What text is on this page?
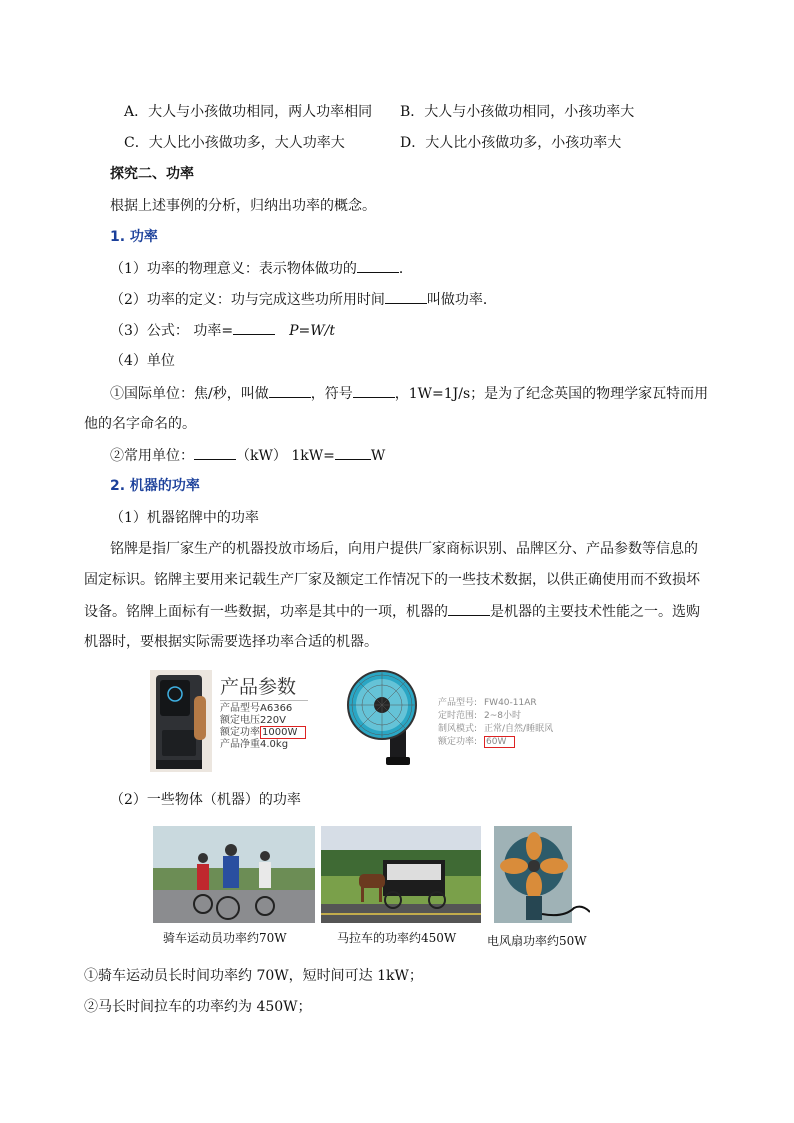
A．大人与小孩做功相同，两人功率相同 B．大人与小孩做功相同，小孩功率大
C．大人比小孩做功多，大人功率大	D．大人比小孩做功多，小孩功率大
探究二、功率
根据上述事例的分析，归纳出功率的概念。
1. 功率
（1）功率的物理意义：表示物体做功的	．
（2）功率的定义：功与完成这些功所用时间	叫做功率．
（3）公式： 功率=	P=W/t
（4）单位
①国际单位：焦/秒，叫做	，符号	，1W=1J/s；是为了纪念英国的物理学家瓦特而用
他的名字命名的。
②常用单位：	（kW） 1kW=	W
2. 机器的功率
（1）机器铭牌中的功率
铭牌是指厂家生产的机器投放市场后，向用户提供厂家商标识别、品牌区分、产品参数等信息的
固定标识。铭牌主要用来记载生产厂家及额定工作情况下的一些技术数据，以供正确使用而不致损坏
设备。铭牌上面标有一些数据，功率是其中的一项，机器的	是机器的主要技术性能之一。选购
机器时，要根据实际需要选择功率合适的机器。
产品参数
产品型号A6366
额定电压220V
额定功率 1000W
产品净重4.0kg
产品型号: FW40-11AR
定时范围: 2~8小时
制风模式: 正常/自然/睡眠风
额定功率: 60W
（2）一些物体（机器）的功率
骑车运动员功率约70W	马拉车的功率约450W	电风扇功率约50W
①骑车运动员长时间功率约 70W，短时间可达 1kW；
②马长时间拉车的功率约为 450W；
